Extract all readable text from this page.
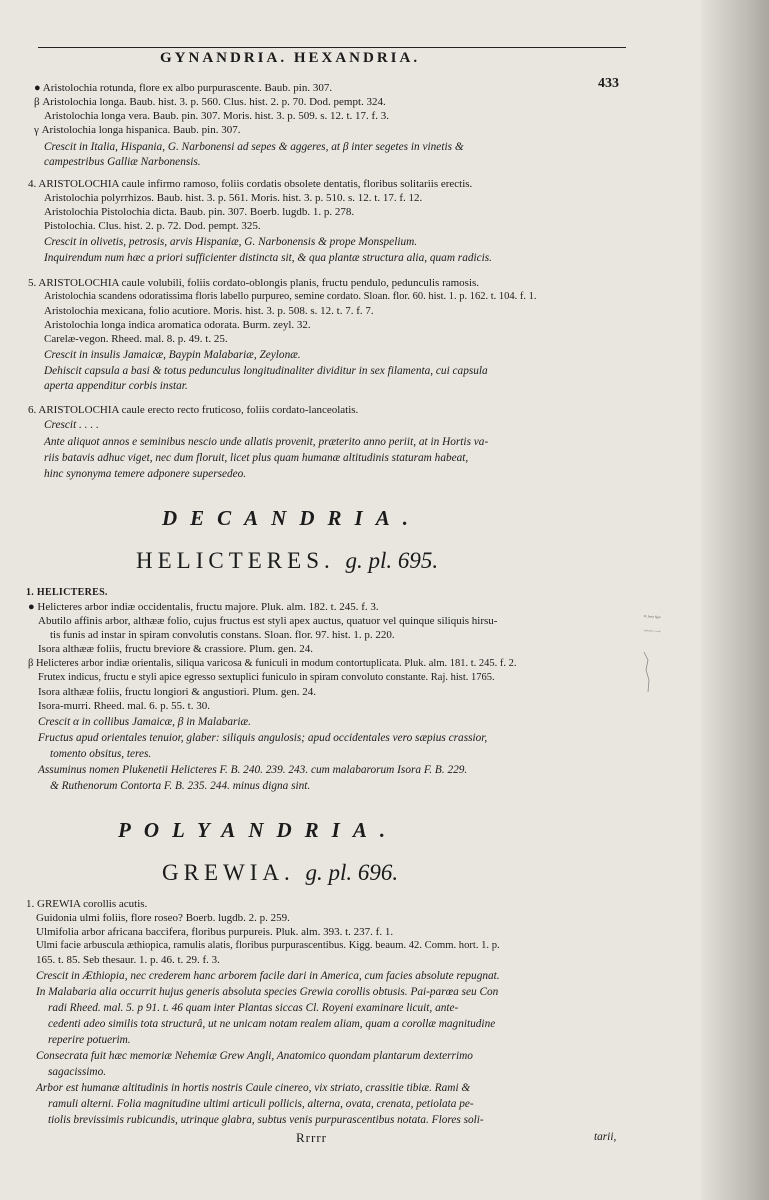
GYNANDRIA. HEXANDRIA.
433
● Aristolochia rotunda, flore ex albo purpurascente. Baub. pin. 307.
β Aristolochia longa. Baub. hist. 3. p. 560. Clus. hist. 2. p. 70. Dod. pempt. 324.
Aristolochia longa vera. Baub. pin. 307. Moris. hist. 3. p. 509. s. 12. t. 17. f. 3.
γ Aristolochia longa hispanica. Baub. pin. 307.
Crescit in Italia, Hispania, G. Narbonensi ad sepes & aggeres, at β inter segetes in vinetis &
campestribus Galliæ Narbonensis.
4. ARISTOLOCHIA caule infirmo ramoso, foliis cordatis obsolete dentatis, floribus solitariis erectis.
Aristolochia polyrrhizos. Baub. hist. 3. p. 561. Moris. hist. 3. p. 510. s. 12. t. 17. f. 12.
Aristolochia Pistolochia dicta. Baub. pin. 307. Boerb. lugdb. 1. p. 278.
Pistolochia. Clus. hist. 2. p. 72. Dod. pempt. 325.
Crescit in olivetis, petrosis, arvis Hispaniæ, G. Narbonensis & prope Monspelium.
Inquirendum num hæc a priori sufficienter distincta sit, & qua plantæ structura alia, quam radicis.
5. ARISTOLOCHIA caule volubili, foliis cordato-oblongis planis, fructu pendulo, pedunculis ramosis.
Aristolochia scandens odoratissima floris labello purpureo, semine cordato. Sloan. flor. 60. hist. 1. p. 162. t. 104. f. 1.
Aristolochia mexicana, folio acutiore. Moris. hist. 3. p. 508. s. 12. t. 7. f. 7.
Aristolochia longa indica aromatica odorata. Burm. zeyl. 32.
Carelæ-vegon. Rheed. mal. 8. p. 49. t. 25.
Crescit in insulis Jamaicæ, Baypin Malabariæ, Zeylonæ.
Dehiscit capsula a basi & totus pedunculus longitudinaliter dividitur in sex filamenta, cui capsula
aperta appenditur corbis instar.
6. ARISTOLOCHIA caule erecto recto fruticoso, foliis cordato-lanceolatis.
Crescit . . . .
Ante aliquot annos e seminibus nescio unde allatis provenit, præterito anno periit, at in Hortis va-
riis batavis adhuc viget, nec dum floruit, licet plus quam humanæ altitudinis staturam habeat,
hinc synonyma temere adponere supersedeo.
DECANDRIA.
HELICTERES. g. pl. 695.
1. HELICTERES.
● Helicteres arbor indiæ occidentalis, fructu majore. Pluk. alm. 182. t. 245. f. 3.
Abutilo affinis arbor, althææ folio, cujus fructus est styli apex auctus, quatuor vel quinque siliquis hirsu-
tis funis ad instar in spiram convolutis constans. Sloan. flor. 97. hist. 1. p. 220.
Isora althææ foliis, fructu breviore & crassiore. Plum. gen. 24.
β Helicteres arbor indiæ orientalis, siliqua varicosa & funiculi in modum contortuplicata. Pluk. alm. 181. t. 245. f. 2.
Frutex indicus, fructu e styli apice egresso sextuplici funiculo in spiram convoluto constante. Raj. hist. 1765.
Isora althææ foliis, fructu longiori & angustiori. Plum. gen. 24.
Isora-murri. Rheed. mal. 6. p. 55. t. 30.
Crescit α in collibus Jamaicæ, β in Malabariæ.
Fructus apud orientales tenuior, glaber: siliquis angulosis; apud occidentales vero sæpius crassior,
tomento obsitus, teres.
Assuminus nomen Plukenetii Helicteres F. B. 240. 239. 243. cum malabarorum Isora F. B. 229.
& Ruthenorum Contorta F. B. 235. 244. minus digna sint.
H. Isora Sppl
melβ (arbor I. occid)
POLYANDRIA.
GREWIA. g. pl. 696.
1. GREWIA corollis acutis.
Guidonia ulmi foliis, flore roseo? Boerb. lugdb. 2. p. 259.
Ulmifolia arbor africana baccifera, floribus purpureis. Pluk. alm. 393. t. 237. f. 1.
Ulmi facie arbuscula æthiopica, ramulis alatis, floribus purpurascentibus. Kigg. beaum. 42. Comm. hort. 1. p.
165. t. 85. Seb thesaur. 1. p. 46. t. 29. f. 3.
Crescit in Æthiopia, nec crederem hanc arborem facile dari in America, cum facies absolute repugnat.
In Malabaria alia occurrit hujus generis absoluta species Grewia corollis obtusis. Pai-parœa seu Con
radi Rheed. mal. 5. p 91. t. 46 quam inter Plantas siccas Cl. Royeni examinare licuit, ante-
cedenti adeo similis tota structurâ, ut ne unicam notam realem aliam, quam a corollæ magnitudine
reperire potuerim.
Consecrata fuit hæc memoriæ Nehemiæ Grew Angli, Anatomico quondam plantarum dexterrimo
sagacissimo.
Arbor est humanæ altitudinis in hortis nostris Caule cinereo, vix striato, crassitie tibiæ. Rami &
ramuli alterni. Folia magnitudine ultimi articuli pollicis, alterna, ovata, crenata, petiolata pe-
tiolis brevissimis rubicundis, utrinque glabra, subtus venis purpurascentibus notata. Flores soli-
Rrrrr	tarii,
